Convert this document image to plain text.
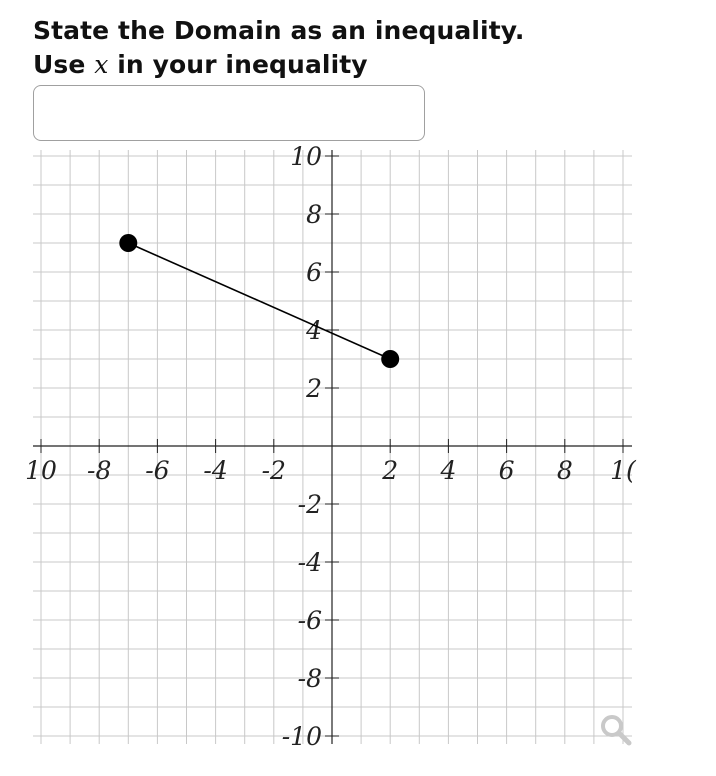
State the Domain as an inequality.
Use x in your inequality
10 -8 -6 -4 -2	2 4 6 8 1(
10
8
6
4
2
-2
-4
-6
-8
-10
